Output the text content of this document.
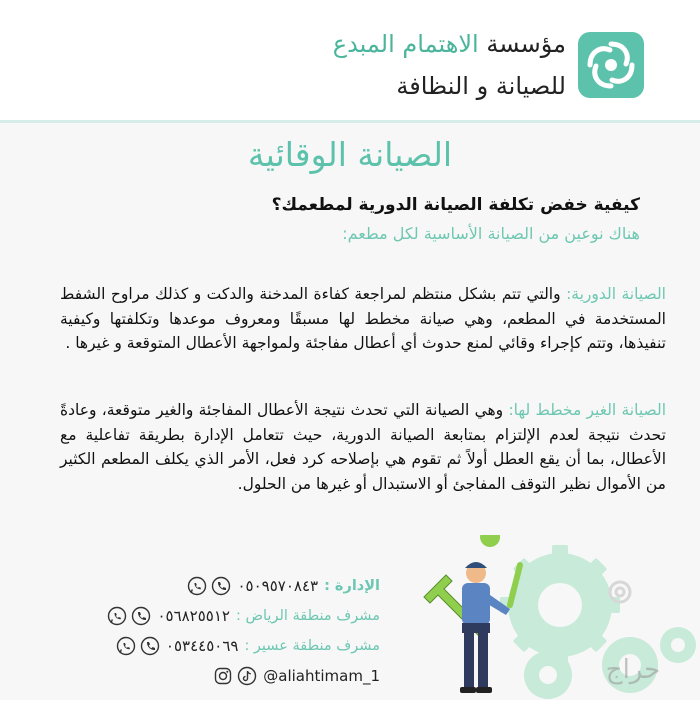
مؤسسة الاهتمام المبدع
للصيانة و النظافة
الصيانة الوقائية
كيفية خفض تكلفة الصيانة الدورية لمطعمك؟
هناك نوعين من الصيانة الأساسية لكل مطعم:
الصيانة الدورية: والتي تتم بشكل منتظم لمراجعة كفاءة المدخنة والدكت و كذلك مراوح الشفط المستخدمة في المطعم، وهي صيانة مخطط لها مسبقًا ومعروف موعدها وتكلفتها وكيفية تنفيذها، وتتم كإجراء وقائي لمنع حدوث أي أعطال مفاجئة ولمواجهة الأعطال المتوقعة و غيرها .
الصيانة الغير مخطط لها: وهي الصيانة التي تحدث نتيجة الأعطال المفاجئة والغير متوقعة، وعادةً تحدث نتيجة لعدم الإلتزام بمتابعة الصيانة الدورية، حيث تتعامل الإدارة بطريقة تفاعلية مع الأعطال، بما أن يقع العطل أولاً ثم تقوم هي بإصلاحه كرد فعل، الأمر الذي يكلف المطعم الكثير من الأموال نظير التوقف المفاجئ أو الاستبدال أو غيرها من الحلول.
الإدارة :
٠٥٠٩٥٧٠٨٤٣
مشرف منطقة الرياض :
٠٥٦٨٢٥٥١٢
مشرف منطقة عسير :
٠٥٣٤٤٥٠٦٩
@aliahtimam_1	حراج
